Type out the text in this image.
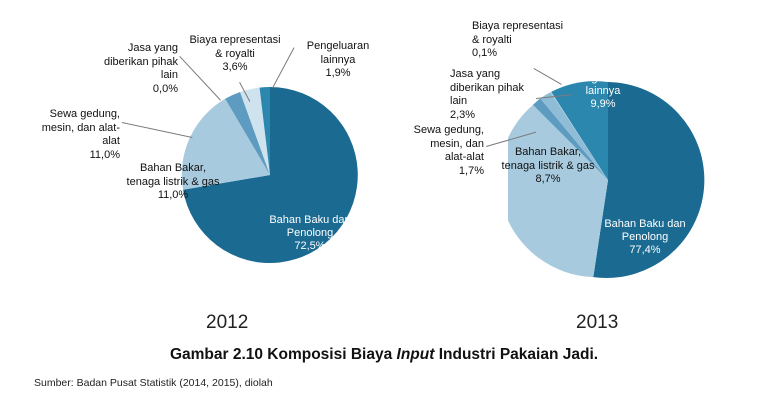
Bahan Baku dan
Penolong
72,5%
Bahan Bakar,
tenaga listrik & gas
11,0%
Sewa gedung,
mesin, dan alat-
alat
11,0%
Jasa yang
diberikan pihak
lain
0,0%
Biaya representasi
& royalti
3,6%
Pengeluaran
lainnya
1,9%
2012
Bahan Baku dan
Penolong
77,4%
Pengeluaran
lainnya
9,9%
Biaya representasi
& royalti
0,1%
Jasa yang
diberikan pihak
lain
2,3%
Sewa gedung,
mesin, dan
alat-alat
1,7%
Bahan Bakar,
tenaga listrik & gas
8,7%
2013
Gambar 2.10 Komposisi Biaya Input Industri Pakaian Jadi.
Sumber: Badan Pusat Statistik (2014, 2015), diolah
